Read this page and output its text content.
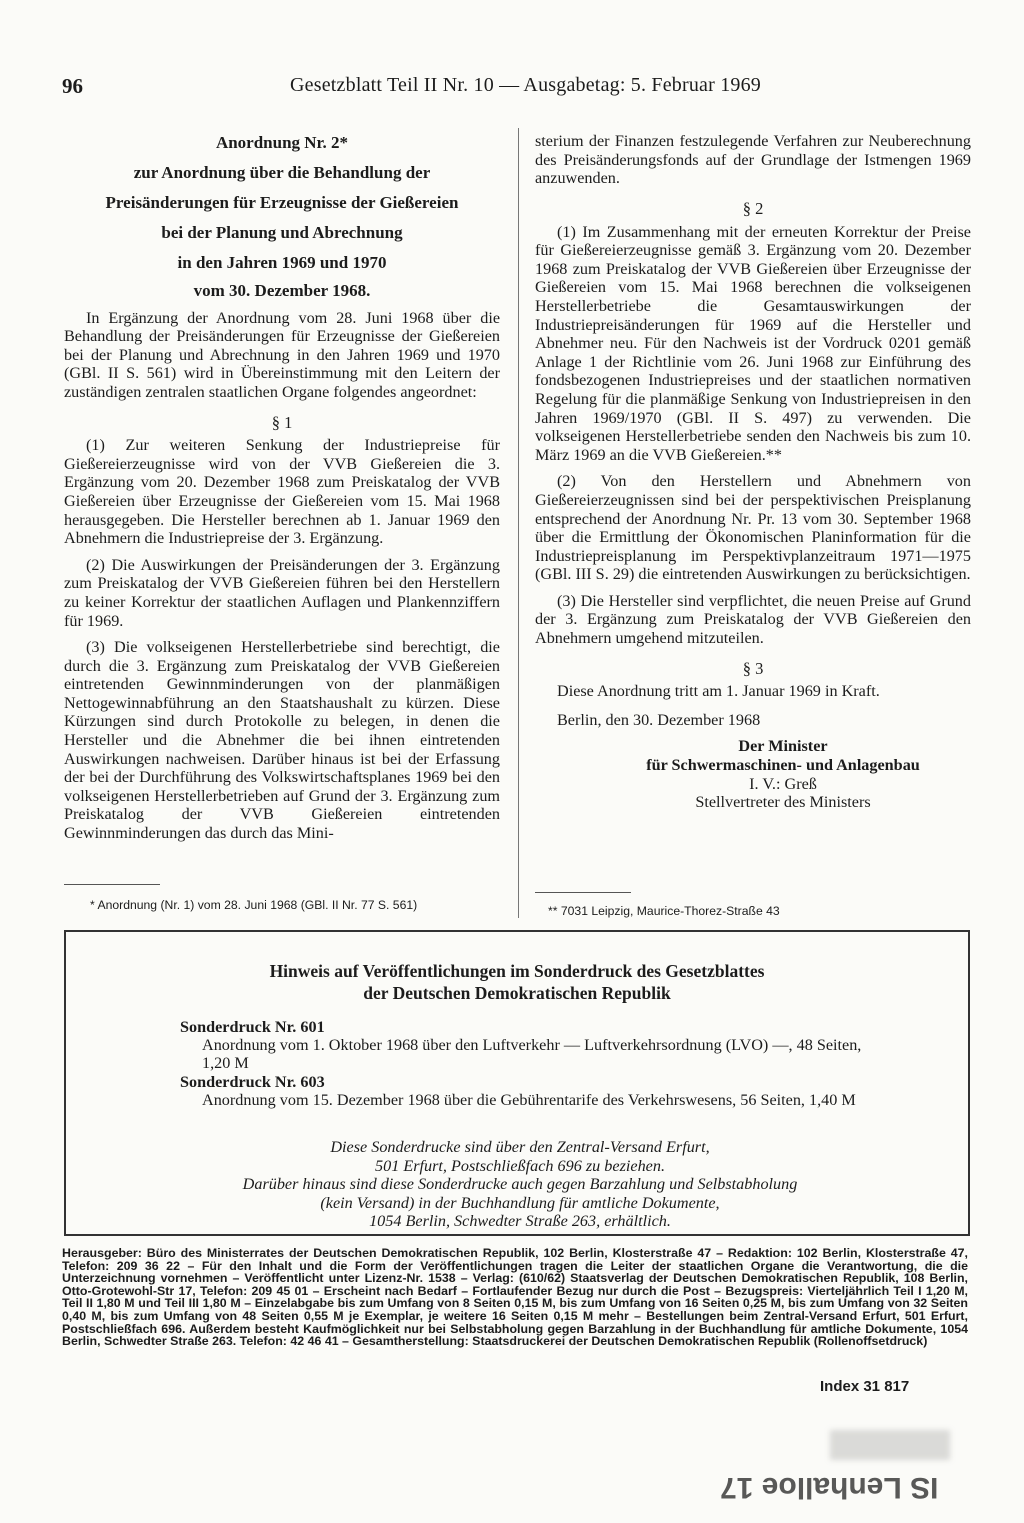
96	Gesetzblatt Teil II Nr. 10 — Ausgabetag: 5. Februar 1969

Anordnung Nr. 2*

zur Anordnung über die Behandlung der

Preisänderungen für Erzeugnisse der Gießereien

bei der Planung und Abrechnung

in den Jahren 1969 und 1970

vom 30. Dezember 1968.

In Ergänzung der Anordnung vom 28. Juni 1968 über die Behandlung der Preisänderungen für Erzeugnisse der Gießereien bei der Planung und Abrechnung in den Jahren 1969 und 1970 (GBl. II S. 561) wird in Übereinstimmung mit den Leitern der zuständigen zentralen staatlichen Organe folgendes angeordnet:

§ 1

(1) Zur weiteren Senkung der Industriepreise für Gießereierzeugnisse wird von der VVB Gießereien die 3. Ergänzung vom 20. Dezember 1968 zum Preiskatalog der VVB Gießereien über Erzeugnisse der Gießereien vom 15. Mai 1968 herausgegeben. Die Hersteller berechnen ab 1. Januar 1969 den Abnehmern die Industriepreise der 3. Ergänzung.

(2) Die Auswirkungen der Preisänderungen der 3. Ergänzung zum Preiskatalog der VVB Gießereien führen bei den Herstellern zu keiner Korrektur der staatlichen Auflagen und Plankennziffern für 1969.

(3) Die volkseigenen Herstellerbetriebe sind berechtigt, die durch die 3. Ergänzung zum Preiskatalog der VVB Gießereien eintretenden Gewinnminderungen von der planmäßigen Nettogewinnabführung an den Staatshaushalt zu kürzen. Diese Kürzungen sind durch Protokolle zu belegen, in denen die Hersteller und die Abnehmer die bei ihnen eintretenden Auswirkungen nachweisen. Darüber hinaus ist bei der Erfassung der bei der Durchführung des Volkswirtschaftsplanes 1969 bei den volkseigenen Herstellerbetrieben auf Grund der 3. Ergänzung zum Preiskatalog der VVB Gießereien eintretenden Gewinnminderungen das durch das Mini-

sterium der Finanzen festzulegende Verfahren zur Neuberechnung des Preisänderungsfonds auf der Grundlage der Istmengen 1969 anzuwenden.

§ 2

(1) Im Zusammenhang mit der erneuten Korrektur der Preise für Gießereierzeugnisse gemäß 3. Ergänzung vom 20. Dezember 1968 zum Preiskatalog der VVB Gießereien über Erzeugnisse der Gießereien vom 15. Mai 1968 berechnen die volkseigenen Herstellerbetriebe die Gesamtauswirkungen der Industriepreisänderungen für 1969 auf die Hersteller und Abnehmer neu. Für den Nachweis ist der Vordruck 0201 gemäß Anlage 1 der Richtlinie vom 26. Juni 1968 zur Einführung des fondsbezogenen Industriepreises und der staatlichen normativen Regelung für die planmäßige Senkung von Industriepreisen in den Jahren 1969/1970 (GBl. II S. 497) zu verwenden. Die volkseigenen Herstellerbetriebe senden den Nachweis bis zum 10. März 1969 an die VVB Gießereien.**

(2) Von den Herstellern und Abnehmern von Gießereierzeugnissen sind bei der perspektivischen Preisplanung entsprechend der Anordnung Nr. Pr. 13 vom 30. September 1968 über die Ermittlung der Ökonomischen Planinformation für die Industriepreisplanung im Perspektivplanzeitraum 1971—1975 (GBl. III S. 29) die eintretenden Auswirkungen zu berücksichtigen.

(3) Die Hersteller sind verpflichtet, die neuen Preise auf Grund der 3. Ergänzung zum Preiskatalog der VVB Gießereien den Abnehmern umgehend mitzuteilen.

§ 3

Diese Anordnung tritt am 1. Januar 1969 in Kraft.

Berlin, den 30. Dezember 1968

Der Minister
für Schwermaschinen- und Anlagenbau
I. V.: Greß
Stellvertreter des Ministers
* Anordnung (Nr. 1) vom 28. Juni 1968 (GBl. II Nr. 77 S. 561)	** 7031 Leipzig, Maurice-Thorez-Straße 43
Hinweis auf Veröffentlichungen im Sonderdruck des Gesetzblattes
der Deutschen Demokratischen Republik
Sonderdruck Nr. 601
Anordnung vom 1. Oktober 1968 über den Luftverkehr — Luftverkehrsordnung (LVO) —, 48 Seiten, 1,20 M
Sonderdruck Nr. 603
Anordnung vom 15. Dezember 1968 über die Gebührentarife des Verkehrswesens, 56 Seiten, 1,40 M
Diese Sonderdrucke sind über den Zentral-Versand Erfurt,
501 Erfurt, Postschließfach 696 zu beziehen.
Darüber hinaus sind diese Sonderdrucke auch gegen Barzahlung und Selbstabholung
(kein Versand) in der Buchhandlung für amtliche Dokumente,
1054 Berlin, Schwedter Straße 263, erhältlich.
Herausgeber: Büro des Ministerrates der Deutschen Demokratischen Republik, 102 Berlin, Klosterstraße 47 – Redaktion: 102 Berlin, Klosterstraße 47, Telefon: 209 36 22 – Für den Inhalt und die Form der Veröffentlichungen tragen die Leiter der staatlichen Organe die Verantwortung, die die Unterzeichnung vornehmen – Veröffentlicht unter Lizenz-Nr. 1538 – Verlag: (610/62) Staatsverlag der Deutschen Demokratischen Republik, 108 Berlin, Otto-Grotewohl-Str 17, Telefon: 209 45 01 – Erscheint nach Bedarf – Fortlaufender Bezug nur durch die Post – Bezugspreis: Vierteljährlich Teil I 1,20 M, Teil II 1,80 M und Teil III 1,80 M – Einzelabgabe bis zum Umfang von 8 Seiten 0,15 M, bis zum Umfang von 16 Seiten 0,25 M, bis zum Umfang von 32 Seiten 0,40 M, bis zum Umfang von 48 Seiten 0,55 M je Exemplar, je weitere 16 Seiten 0,15 M mehr – Bestellungen beim Zentral-Versand Erfurt, 501 Erfurt, Postschließfach 696. Außerdem besteht Kaufmöglichkeit nur bei Selbstabholung gegen Barzahlung in der Buchhandlung für amtliche Dokumente, 1054 Berlin, Schwedter Straße 263. Telefon: 42 46 41 – Gesamtherstellung: Staatsdruckerei der Deutschen Demokratischen Republik (Rollenoffsetdruck)
Index 31 817
IS Lenhalloe 17
